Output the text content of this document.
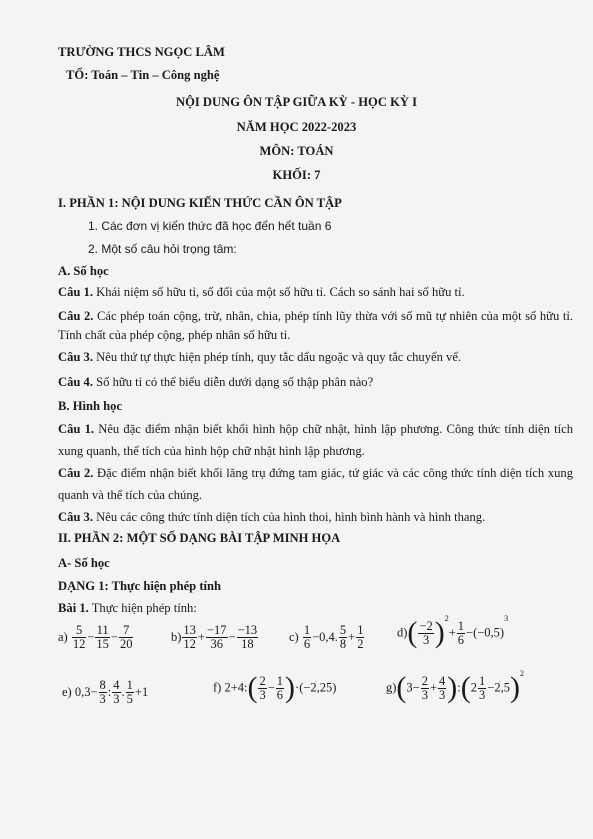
TRƯỜNG THCS NGỌC LÂM
TỔ: Toán – Tin – Công nghệ
NỘI DUNG ÔN TẬP GIỮA KỲ - HỌC KỲ I
NĂM HỌC 2022-2023
MÔN: TOÁN
KHỐI: 7
I. PHẦN 1: NỘI DUNG KIẾN THỨC CẦN ÔN TẬP
1. Các đơn vị kiến thức đã học đến hết tuần 6
2. Một số câu hỏi trọng tâm:
A. Số học
Câu 1. Khái niệm số hữu tỉ, số đối của một số hữu tỉ. Cách so sánh hai số hữu tỉ.
Câu 2. Các phép toán cộng, trừ, nhân, chia, phép tính lũy thừa với số mũ tự nhiên của một số hữu tỉ. Tính chất của phép cộng, phép nhân số hữu tỉ.
Câu 3. Nêu thứ tự thực hiện phép tính, quy tắc dấu ngoặc và quy tắc chuyển vế.
Câu 4. Số hữu tỉ có thể biểu diễn dưới dạng số thập phân nào?
B. Hình học
Câu 1. Nêu đặc điểm nhận biết khối hình hộp chữ nhật, hình lập phương. Công thức tính diện tích xung quanh, thể tích của hình hộp chữ nhật hình lập phương.
Câu 2. Đặc điểm nhận biết khối lăng trụ đứng tam giác, tứ giác và các công thức tính diện tích xung quanh và thể tích của chúng.
Câu 3. Nêu các công thức tính diện tích của hình thoi, hình bình hành và hình thang.
II. PHẦN 2: MỘT SỐ DẠNG BÀI TẬP MINH HỌA
A- Số học
DẠNG 1: Thực hiện phép tính
Bài 1. Thực hiện phép tính:
$a) \frac{5}{12} - \frac{11}{15} - \frac{7}{20}$	$b) \frac{13}{12} + \frac{-17}{36} - \frac{-13}{18} c) \frac{1}{6} -0,4$. $\frac{5}{8} + \frac{1}{2}$	$d)( \frac{-2}{3} )^2+ \frac{1}{6} -(-0,5)^3$
e) $0,3- \frac{8}{3}$ : $\frac{4}{3}$ . $\frac{1}{5} +1$	f) 2+4:( $\frac{2}{3} - \frac{1}{6} )\cdot(-2,25)$	$g)(3- \frac{2}{3} + \frac{4}{3}$ ):(2 $\frac{1}{3} -2,5)^2$
